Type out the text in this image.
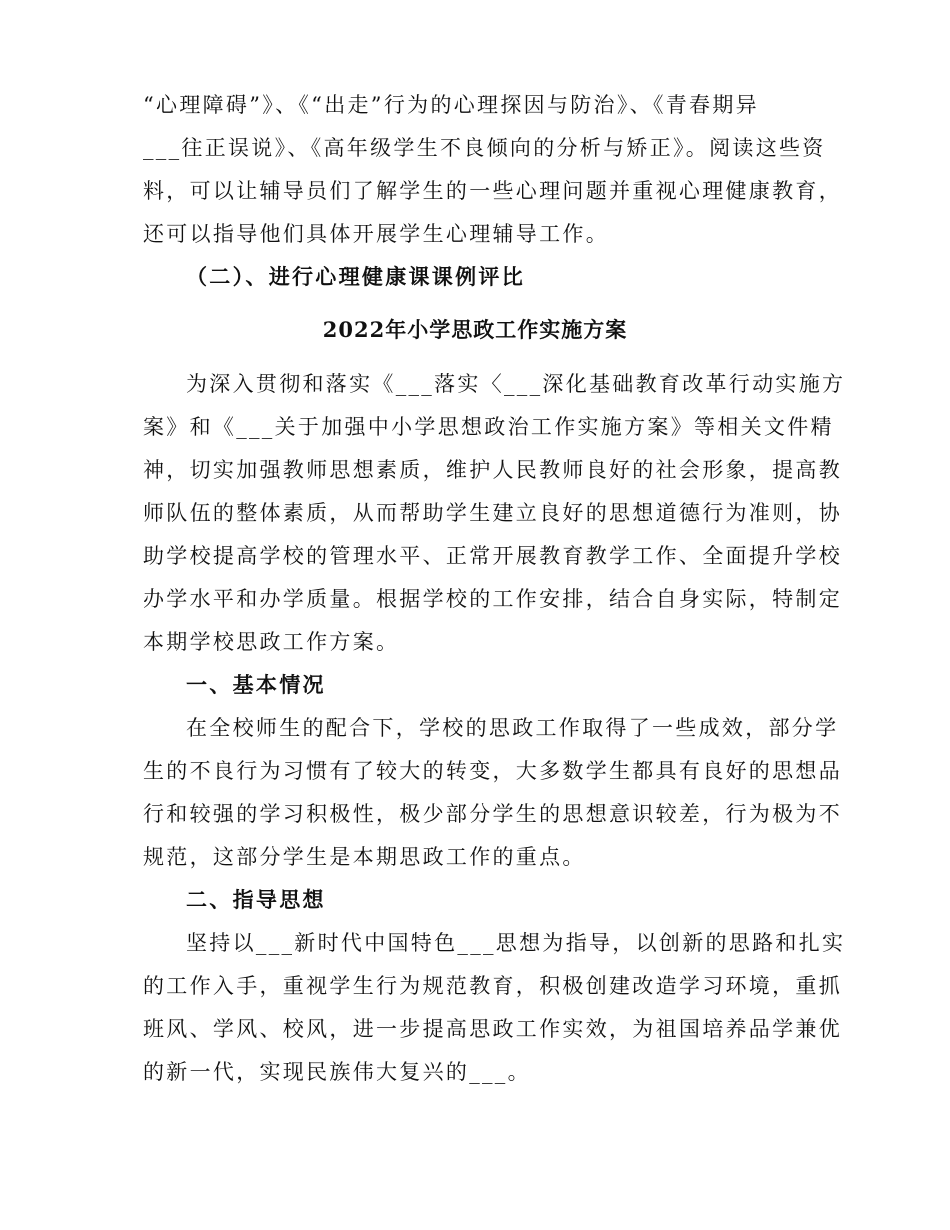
“心理障碍”》、《“出走”行为的心理探因与防治》、《青春期异
___往正误说》、《高年级学生不良倾向的分析与矫正》。阅读这些资
料，可以让辅导员们了解学生的一些心理问题并重视心理健康教育，
还可以指导他们具体开展学生心理辅导工作。
（二）、进行心理健康课课例评比
2022年小学思政工作实施方案
为深入贯彻和落实《___落实〈___深化基础教育改革行动实施方
案》和《___关于加强中小学思想政治工作实施方案》等相关文件精
神，切实加强教师思想素质，维护人民教师良好的社会形象，提高教
师队伍的整体素质，从而帮助学生建立良好的思想道德行为准则，协
助学校提高学校的管理水平、正常开展教育教学工作、全面提升学校
办学水平和办学质量。根据学校的工作安排，结合自身实际，特制定
本期学校思政工作方案。
一、基本情况
在全校师生的配合下，学校的思政工作取得了一些成效，部分学
生的不良行为习惯有了较大的转变，大多数学生都具有良好的思想品
行和较强的学习积极性，极少部分学生的思想意识较差，行为极为不
规范，这部分学生是本期思政工作的重点。
二、指导思想
坚持以___新时代中国特色___思想为指导，以创新的思路和扎实
的工作入手，重视学生行为规范教育，积极创建改造学习环境，重抓
班风、学风、校风，进一步提高思政工作实效，为祖国培养品学兼优
的新一代，实现民族伟大复兴的___。
